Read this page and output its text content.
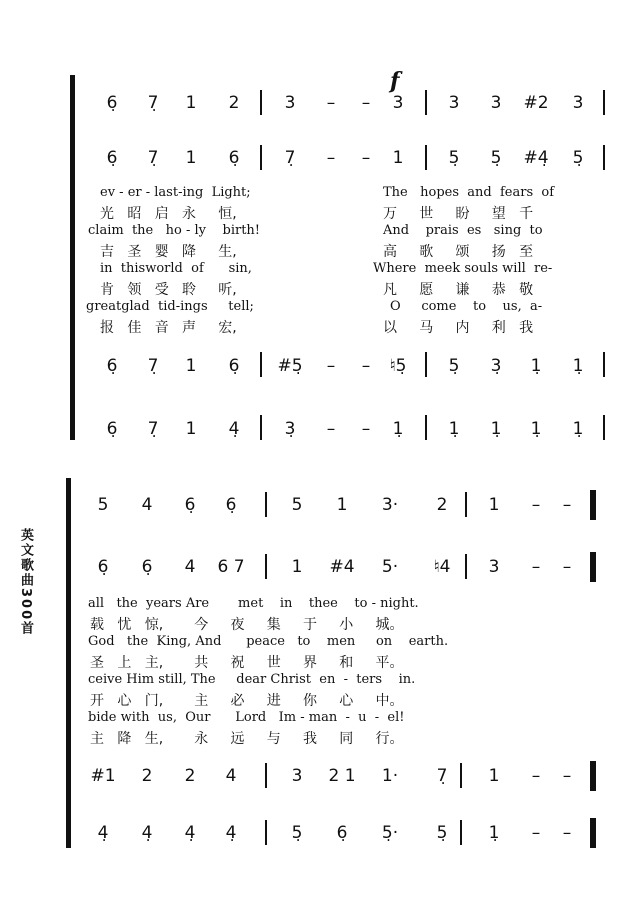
f
6̣ 7̣ 1 2	3 – – 3	3 3 #2 3
6̣ 7̣ 1 6̣	7̣ – – 1	5̣ 5̣ #4̣ 5̣
ev - er - last-ing  Light;	The   hopes  and  fears  of
光   昭   启   永     恒,	万     世     盼     望   千
claim  the   ho - ly    birth!	And    prais  es   sing  to
吉   圣   婴   降     生,	高     歌     颂     扬   至
in  thisworld  of      sin,	Where  meek souls will  re-
肯   领   受   聆     听,	凡     愿     谦     恭   敬
greatglad  tid-ings     tell;	O     come    to    us,  a-
报   佳   音   声     宏,	以     马     内     利   我
6̣ 7̣ 1 6̣ #5̣ – – ♮5̣ 5̣ 3̣ 1̣ 1̣
6̣ 7̣ 1 4̣	3̣ – – 1̣	1̣ 1̣ 1̣ 1̣
5 4 6̣ 6̣	5 1 3· 2 1 – –
6̣ 6̣ 4 6 7	1 #4 5· ♮4 3 – –
all   the  years Are       met    in    thee    to - night.
载   忧   惊,       今     夜     集     于     小     城。
God   the  King, And      peace   to    men     on    earth.
圣   上   主,       共     祝     世     界     和     平。
ceive Him still, The     dear Christ  en  -  ters    in.
开   心   门,       主     必     进     你     心     中。
bide with  us,  Our      Lord   Im - man  -  u  -  el!
主   降   生,       永     远     与     我     同     行。
#1 2 2 4	3 2 1 1· 7̣ 1 – –
4̣ 4̣ 4̣ 4̣	5̣ 6̣ 5̣· 5̣ 1̣ – –
英文歌曲300首
